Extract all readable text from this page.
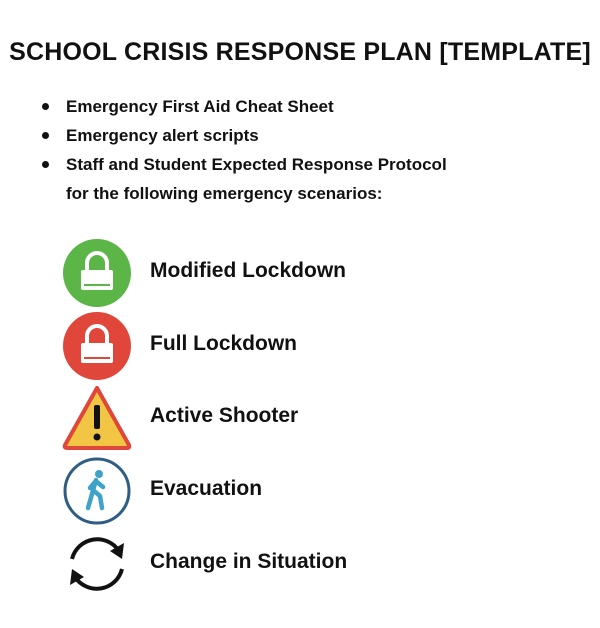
SCHOOL CRISIS RESPONSE PLAN [TEMPLATE]
Emergency First Aid Cheat Sheet
Emergency alert scripts
Staff and Student Expected Response Protocol
for the following emergency scenarios:
Modified Lockdown
Full Lockdown
Active Shooter
Evacuation
Change in Situation
